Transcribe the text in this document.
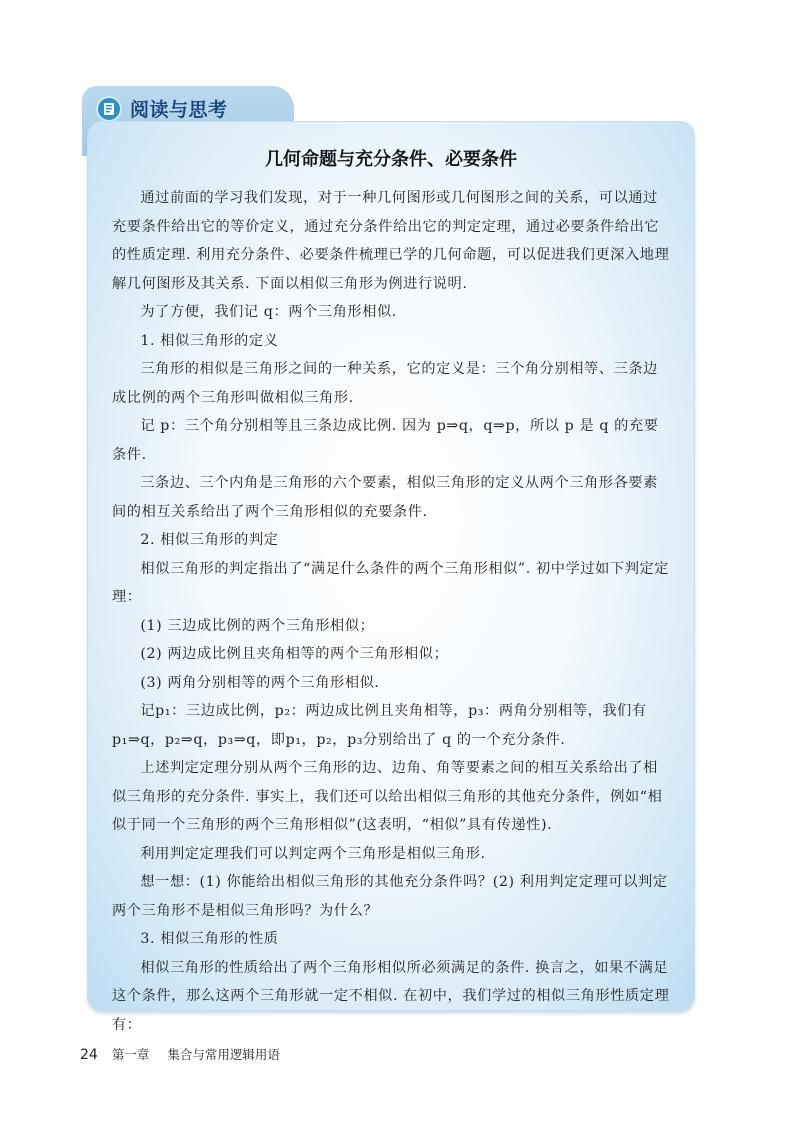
阅读与思考
几何命题与充分条件、必要条件

通过前面的学习我们发现，对于一种几何图形或几何图形之间的关系，可以通过充要条件给出它的等价定义，通过充分条件给出它的判定定理，通过必要条件给出它的性质定理. 利用充分条件、必要条件梳理已学的几何命题，可以促进我们更深入地理解几何图形及其关系. 下面以相似三角形为例进行说明.

为了方便，我们记 q：两个三角形相似.

1. 相似三角形的定义

三角形的相似是三角形之间的一种关系，它的定义是：三个角分别相等、三条边成比例的两个三角形叫做相似三角形.

记 p：三个角分别相等且三条边成比例. 因为 p⇒q，q⇒p，所以 p 是 q 的充要条件.

三条边、三个内角是三角形的六个要素，相似三角形的定义从两个三角形各要素间的相互关系给出了两个三角形相似的充要条件.

2. 相似三角形的判定

相似三角形的判定指出了“满足什么条件的两个三角形相似”. 初中学过如下判定定理：

(1) 三边成比例的两个三角形相似；

(2) 两边成比例且夹角相等的两个三角形相似；

(3) 两角分别相等的两个三角形相似.

记p₁：三边成比例，p₂：两边成比例且夹角相等，p₃：两角分别相等，我们有p₁⇒q，p₂⇒q，p₃⇒q，即p₁，p₂，p₃分别给出了 q 的一个充分条件.

上述判定定理分别从两个三角形的边、边角、角等要素之间的相互关系给出了相似三角形的充分条件. 事实上，我们还可以给出相似三角形的其他充分条件，例如“相似于同一个三角形的两个三角形相似”(这表明，“相似”具有传递性).

利用判定定理我们可以判定两个三角形是相似三角形.

想一想：(1) 你能给出相似三角形的其他充分条件吗？(2) 利用判定定理可以判定两个三角形不是相似三角形吗？为什么？

3. 相似三角形的性质

相似三角形的性质给出了两个三角形相似所必须满足的条件. 换言之，如果不满足这个条件，那么这两个三角形就一定不相似. 在初中，我们学过的相似三角形性质定理有：

24 第一章 集合与常用逻辑用语
